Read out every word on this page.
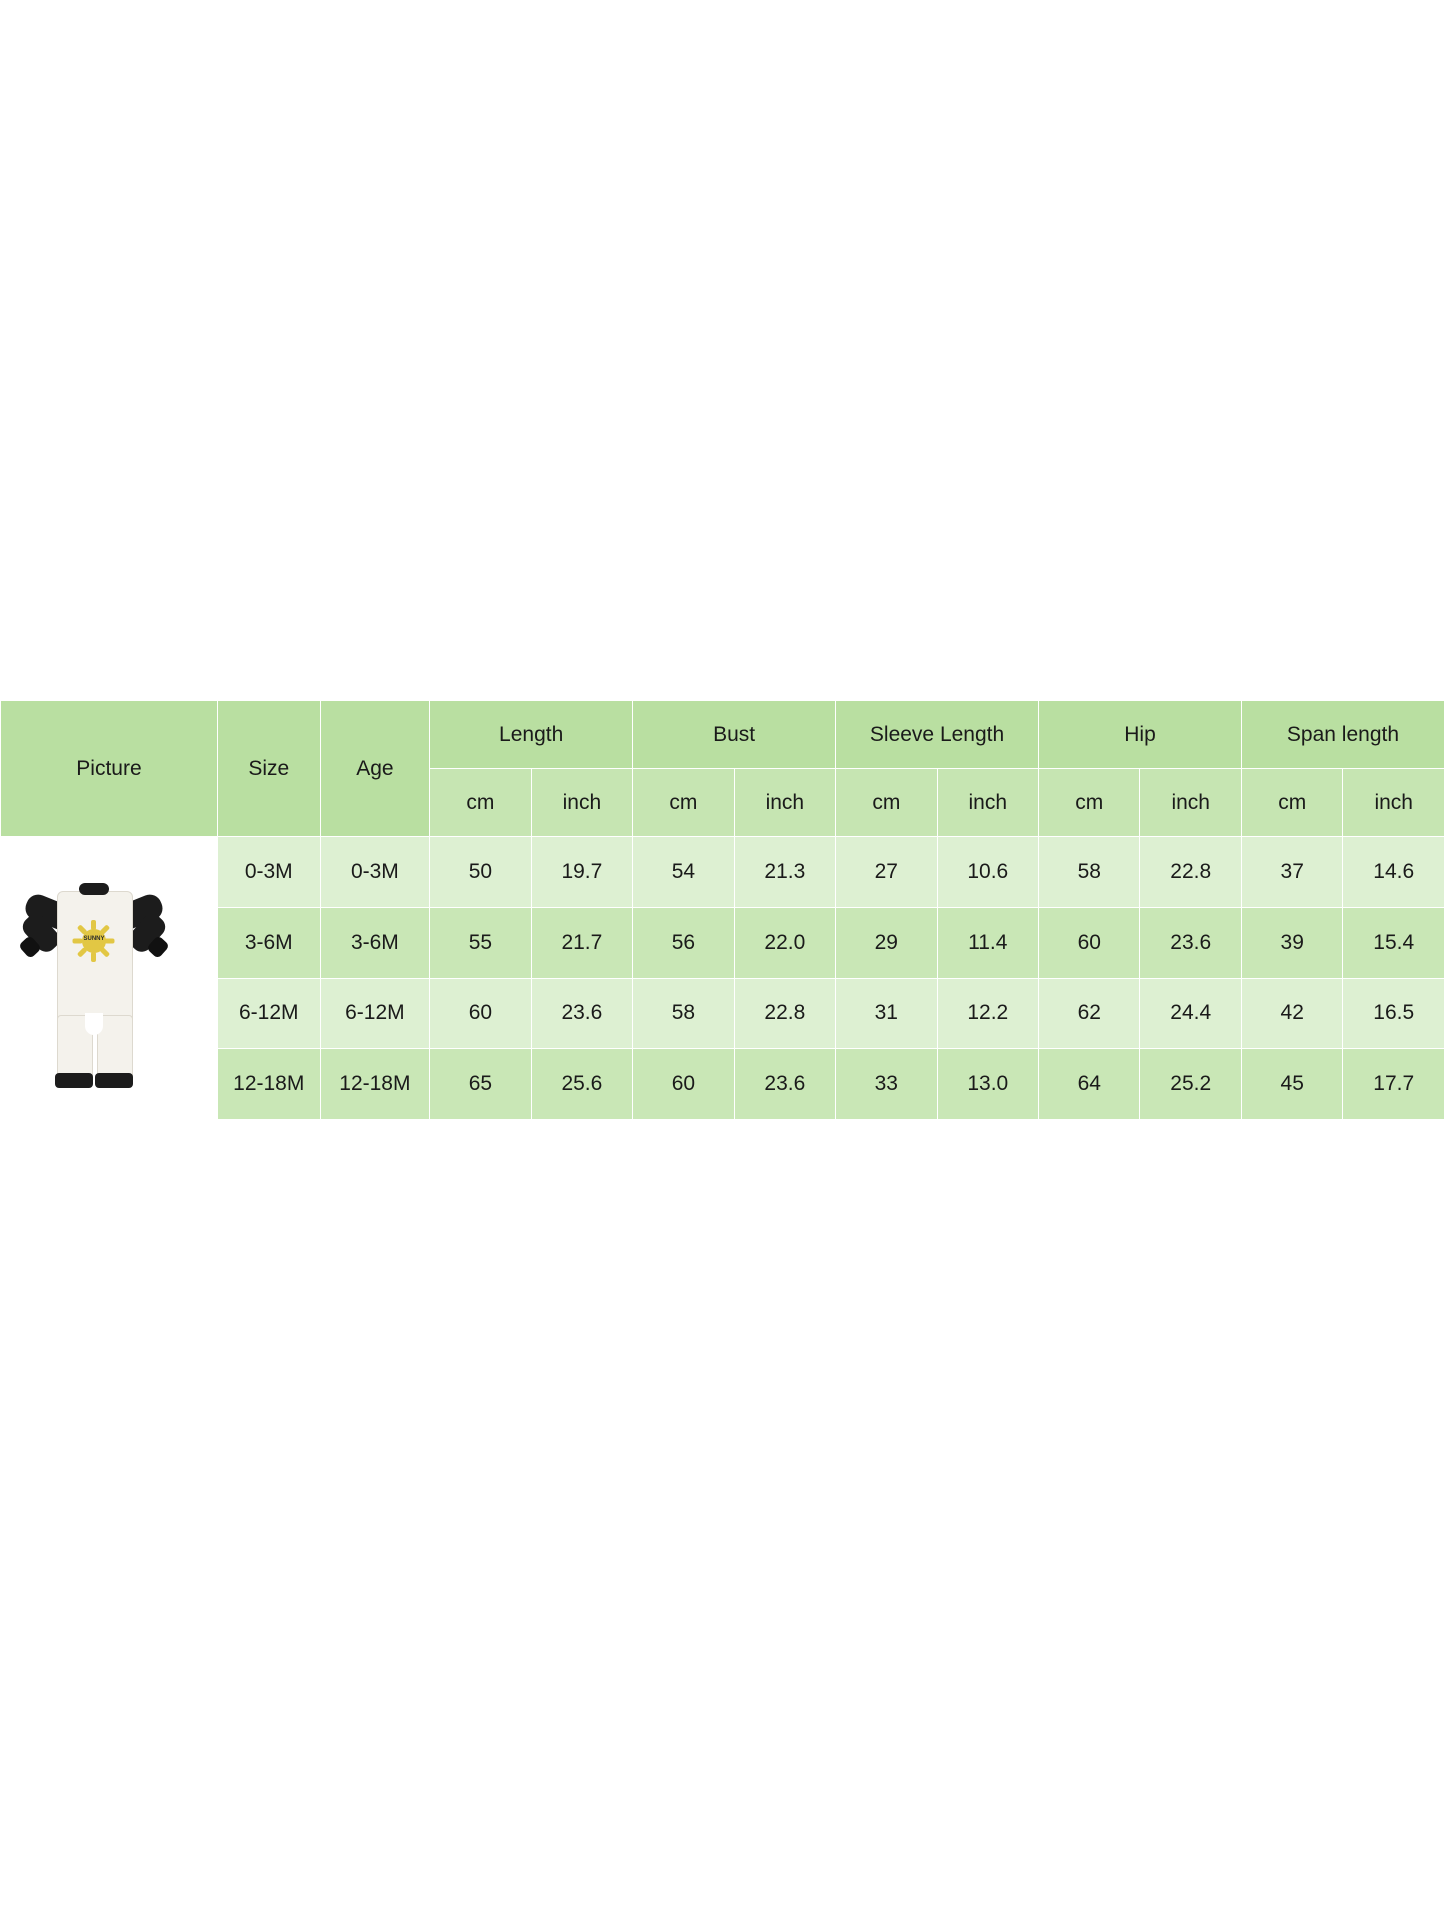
Picture	Size	Age	Length		Bust		Sleeve Length		Hip		Span length	
			cm	inch	cm	inch	cm	inch	cm	inch	cm	inch

SUNNY	0-3M	0-3M	50	19.7	54	21.3	27	10.6	58	22.8	37	14.6
	3-6M	3-6M	55	21.7	56	22.0	29	11.4	60	23.6	39	15.4
	6-12M	6-12M	60	23.6	58	22.8	31	12.2	62	24.4	42	16.5
	12-18M	12-18M	65	25.6	60	23.6	33	13.0	64	25.2	45	17.7
